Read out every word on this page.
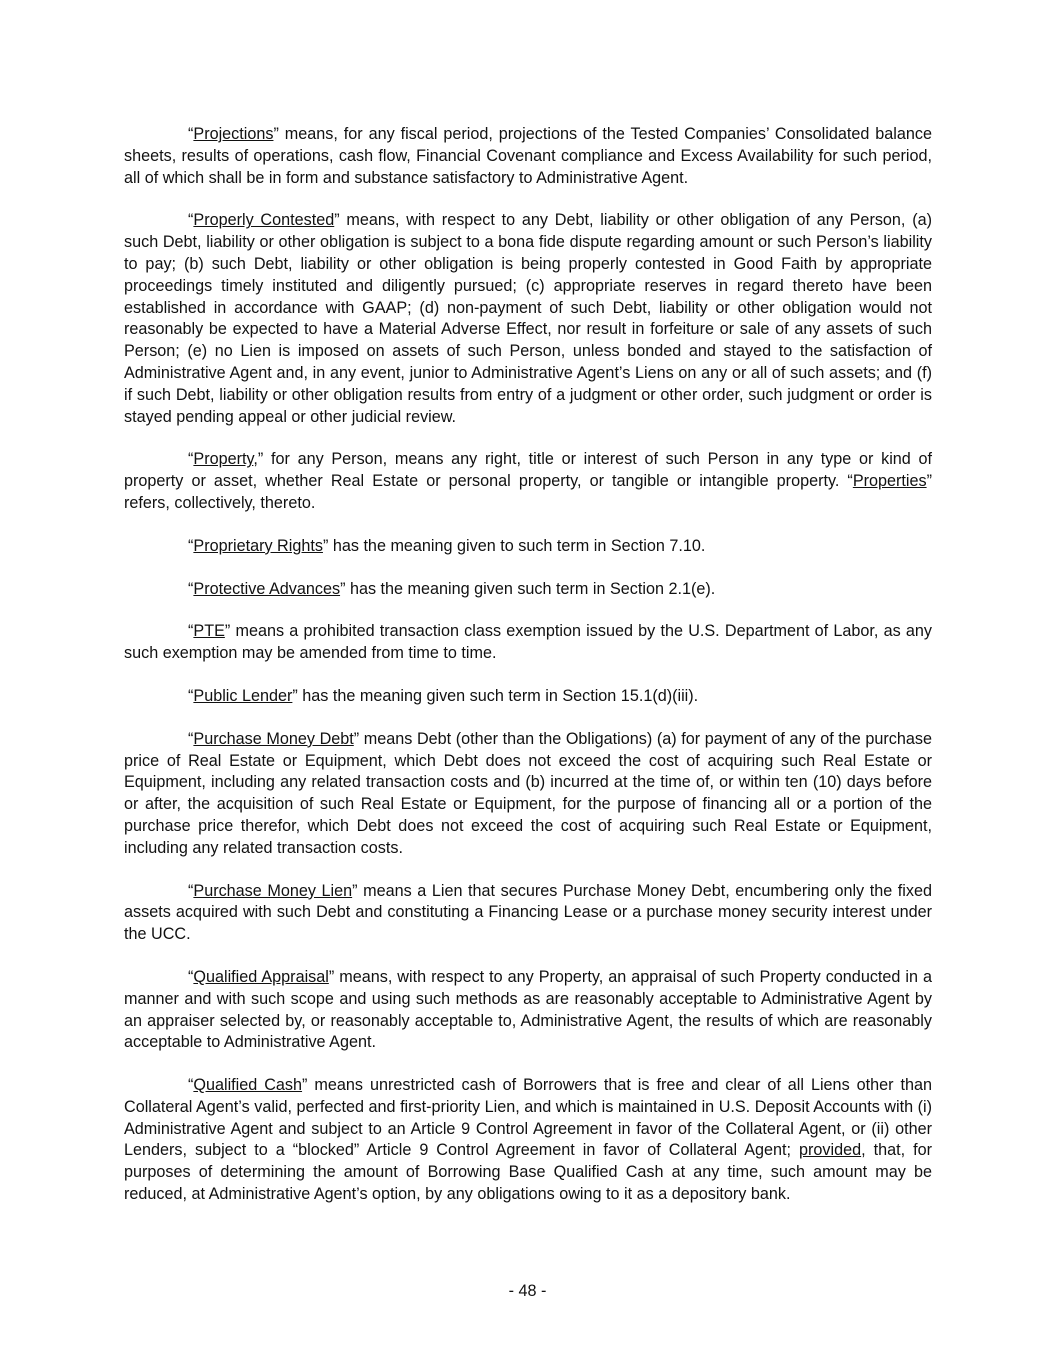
“Projections” means, for any fiscal period, projections of the Tested Companies’ Consolidated balance sheets, results of operations, cash flow, Financial Covenant compliance and Excess Availability for such period, all of which shall be in form and substance satisfactory to Administrative Agent.

“Properly Contested” means, with respect to any Debt, liability or other obligation of any Person, (a) such Debt, liability or other obligation is subject to a bona fide dispute regarding amount or such Person’s liability to pay; (b) such Debt, liability or other obligation is being properly contested in Good Faith by appropriate proceedings timely instituted and diligently pursued; (c) appropriate reserves in regard thereto have been established in accordance with GAAP; (d) non-payment of such Debt, liability or other obligation would not reasonably be expected to have a Material Adverse Effect, nor result in forfeiture or sale of any assets of such Person; (e) no Lien is imposed on assets of such Person, unless bonded and stayed to the satisfaction of Administrative Agent and, in any event, junior to Administrative Agent’s Liens on any or all of such assets; and (f) if such Debt, liability or other obligation results from entry of a judgment or other order, such judgment or order is stayed pending appeal or other judicial review.

“Property,” for any Person, means any right, title or interest of such Person in any type or kind of property or asset, whether Real Estate or personal property, or tangible or intangible property. “Properties” refers, collectively, thereto.

“Proprietary Rights” has the meaning given to such term in Section 7.10.

“Protective Advances” has the meaning given such term in Section 2.1(e).

“PTE” means a prohibited transaction class exemption issued by the U.S. Department of Labor, as any such exemption may be amended from time to time.

“Public Lender” has the meaning given such term in Section 15.1(d)(iii).

“Purchase Money Debt” means Debt (other than the Obligations) (a) for payment of any of the purchase price of Real Estate or Equipment, which Debt does not exceed the cost of acquiring such Real Estate or Equipment, including any related transaction costs and (b) incurred at the time of, or within ten (10) days before or after, the acquisition of such Real Estate or Equipment, for the purpose of financing all or a portion of the purchase price therefor, which Debt does not exceed the cost of acquiring such Real Estate or Equipment, including any related transaction costs.

“Purchase Money Lien” means a Lien that secures Purchase Money Debt, encumbering only the fixed assets acquired with such Debt and constituting a Financing Lease or a purchase money security interest under the UCC.

“Qualified Appraisal” means, with respect to any Property, an appraisal of such Property conducted in a manner and with such scope and using such methods as are reasonably acceptable to Administrative Agent by an appraiser selected by, or reasonably acceptable to, Administrative Agent, the results of which are reasonably acceptable to Administrative Agent.

“Qualified Cash” means unrestricted cash of Borrowers that is free and clear of all Liens other than Collateral Agent’s valid, perfected and first-priority Lien, and which is maintained in U.S. Deposit Accounts with (i) Administrative Agent and subject to an Article 9 Control Agreement in favor of the Collateral Agent, or (ii) other Lenders, subject to a “blocked” Article 9 Control Agreement in favor of Collateral Agent; provided, that, for purposes of determining the amount of Borrowing Base Qualified Cash at any time, such amount may be reduced, at Administrative Agent’s option, by any obligations owing to it as a depository bank.

- 48 -
